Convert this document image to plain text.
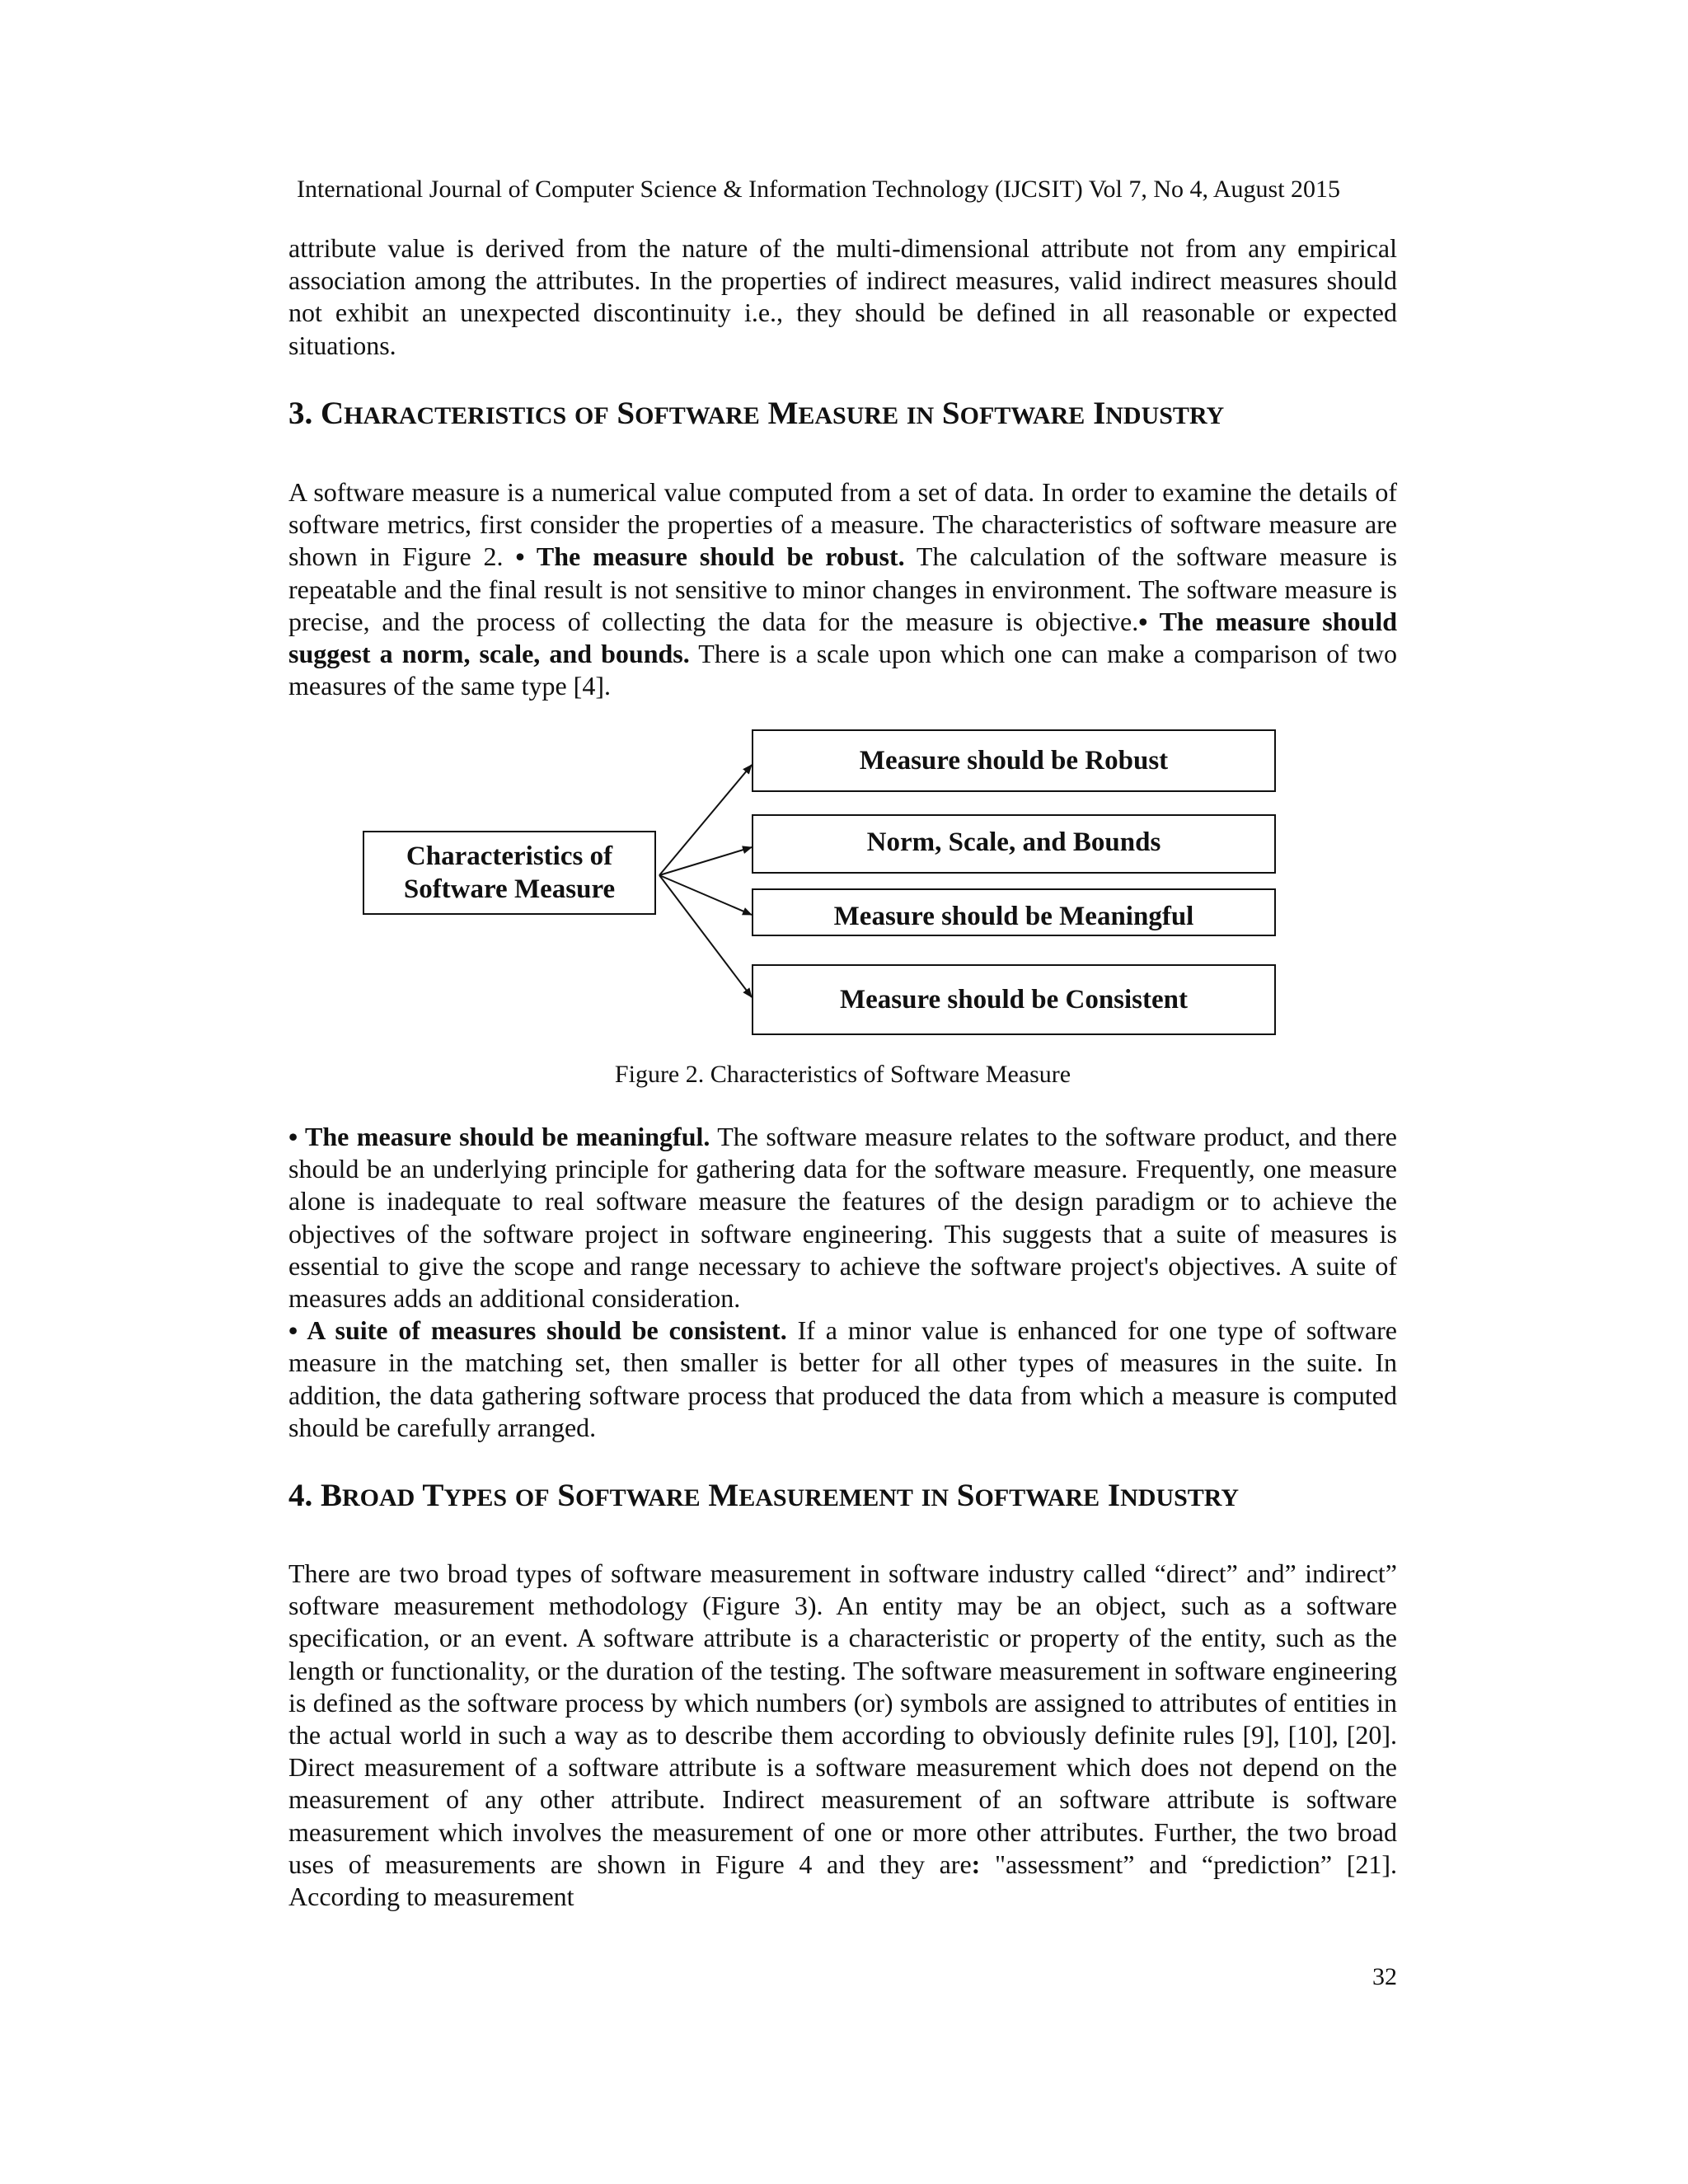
International Journal of Computer Science & Information Technology (IJCSIT) Vol 7, No 4, August 2015

attribute value is derived from the nature of the multi-dimensional attribute not from any empirical association among the attributes. In the properties of indirect measures, valid indirect measures should not exhibit an unexpected discontinuity i.e., they should be defined in all reasonable or expected situations.

3. CHARACTERISTICS OF SOFTWARE MEASURE IN SOFTWARE INDUSTRY

A software measure is a numerical value computed from a set of data. In order to examine the details of software metrics, first consider the properties of a measure. The characteristics of software measure are shown in Figure 2. • The measure should be robust. The calculation of the software measure is repeatable and the final result is not sensitive to minor changes in environment. The software measure is precise, and the process of collecting the data for the measure is objective.• The measure should suggest a norm, scale, and bounds. There is a scale upon which one can make a comparison of two measures of the same type [4].

Characteristics of
Software Measure
Measure should be Robust
Norm, Scale, and Bounds
Measure should be Meaningful
Measure should be Consistent
Figure 2. Characteristics of Software Measure

• The measure should be meaningful. The software measure relates to the software product, and there should be an underlying principle for gathering data for the software measure. Frequently, one measure alone is inadequate to real software measure the features of the design paradigm or to achieve the objectives of the software project in software engineering. This suggests that a suite of measures is essential to give the scope and range necessary to achieve the software project's objectives. A suite of measures adds an additional consideration.

• A suite of measures should be consistent. If a minor value is enhanced for one type of software measure in the matching set, then smaller is better for all other types of measures in the suite. In addition, the data gathering software process that produced the data from which a measure is computed should be carefully arranged.

4. BROAD TYPES OF SOFTWARE MEASUREMENT IN SOFTWARE INDUSTRY

There are two broad types of software measurement in software industry called “direct” and” indirect” software measurement methodology (Figure 3). An entity may be an object, such as a software specification, or an event. A software attribute is a characteristic or property of the entity, such as the length or functionality, or the duration of the testing. The software measurement in software engineering is defined as the software process by which numbers (or) symbols are assigned to attributes of entities in the actual world in such a way as to describe them according to obviously definite rules [9], [10], [20]. Direct measurement of a software attribute is a software measurement which does not depend on the measurement of any other attribute. Indirect measurement of an software attribute is software measurement which involves the measurement of one or more other attributes. Further, the two broad uses of measurements are shown in Figure 4 and they are: "assessment” and “prediction” [21]. According to measurement

32
